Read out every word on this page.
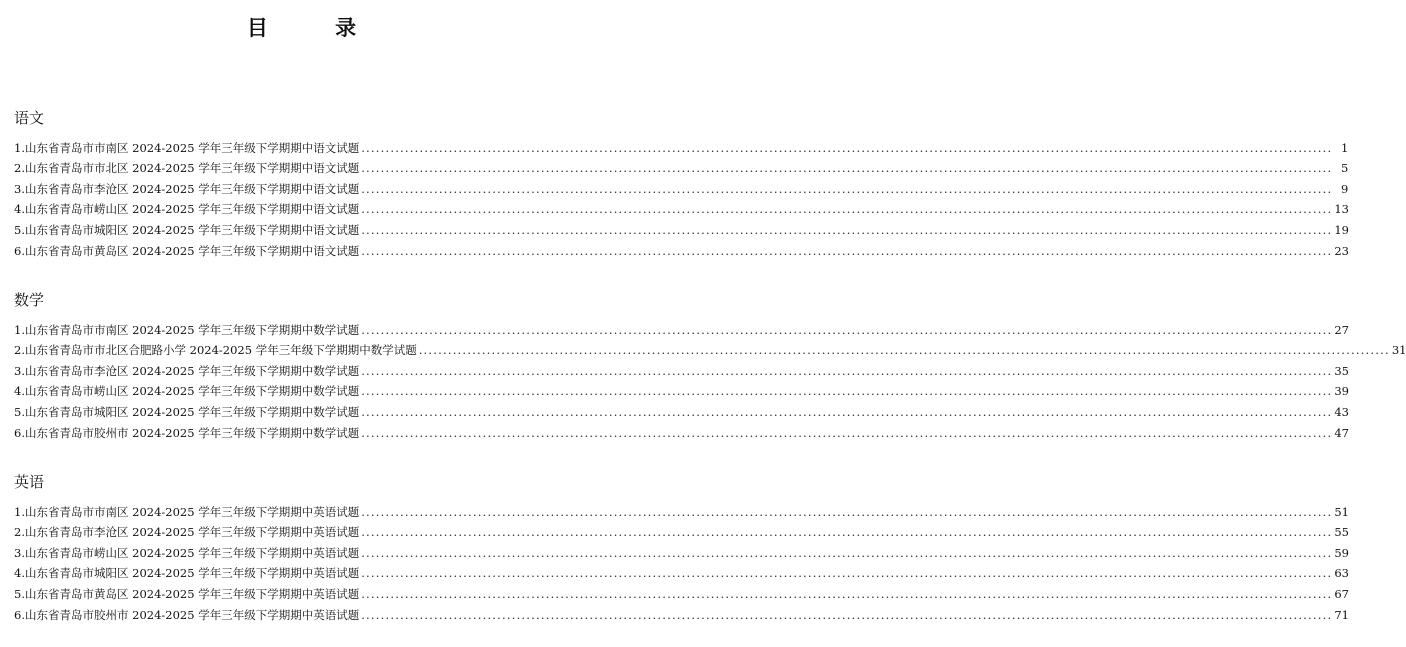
目 录
语文
1.山东省青岛市市南区 2024-2025 学年三年级下学期期中语文试题 ........................................................................................................................................................................................................ 1
2.山东省青岛市市北区 2024-2025 学年三年级下学期期中语文试题 ........................................................................................................................................................................................................ 5
3.山东省青岛市李沧区 2024-2025 学年三年级下学期期中语文试题 ........................................................................................................................................................................................................ 9
4.山东省青岛市崂山区 2024-2025 学年三年级下学期期中语文试题 ........................................................................................................................................................................................................ 13
5.山东省青岛市城阳区 2024-2025 学年三年级下学期期中语文试题 ........................................................................................................................................................................................................ 19
6.山东省青岛市黄岛区 2024-2025 学年三年级下学期期中语文试题 ........................................................................................................................................................................................................ 23
数学
1.山东省青岛市市南区 2024-2025 学年三年级下学期期中数学试题 ........................................................................................................................................................................................................ 27
2.山东省青岛市市北区合肥路小学 2024-2025 学年三年级下学期期中数学试题 ........................................................................................................................................................................................................ 31
3.山东省青岛市李沧区 2024-2025 学年三年级下学期期中数学试题 ........................................................................................................................................................................................................ 35
4.山东省青岛市崂山区 2024-2025 学年三年级下学期期中数学试题 ........................................................................................................................................................................................................ 39
5.山东省青岛市城阳区 2024-2025 学年三年级下学期期中数学试题 ........................................................................................................................................................................................................ 43
6.山东省青岛市胶州市 2024-2025 学年三年级下学期期中数学试题 ........................................................................................................................................................................................................ 47
英语
1.山东省青岛市市南区 2024-2025 学年三年级下学期期中英语试题 ........................................................................................................................................................................................................ 51
2.山东省青岛市李沧区 2024-2025 学年三年级下学期期中英语试题 ........................................................................................................................................................................................................ 55
3.山东省青岛市崂山区 2024-2025 学年三年级下学期期中英语试题 ........................................................................................................................................................................................................ 59
4.山东省青岛市城阳区 2024-2025 学年三年级下学期期中英语试题 ........................................................................................................................................................................................................ 63
5.山东省青岛市黄岛区 2024-2025 学年三年级下学期期中英语试题 ........................................................................................................................................................................................................ 67
6.山东省青岛市胶州市 2024-2025 学年三年级下学期期中英语试题 ........................................................................................................................................................................................................ 71
